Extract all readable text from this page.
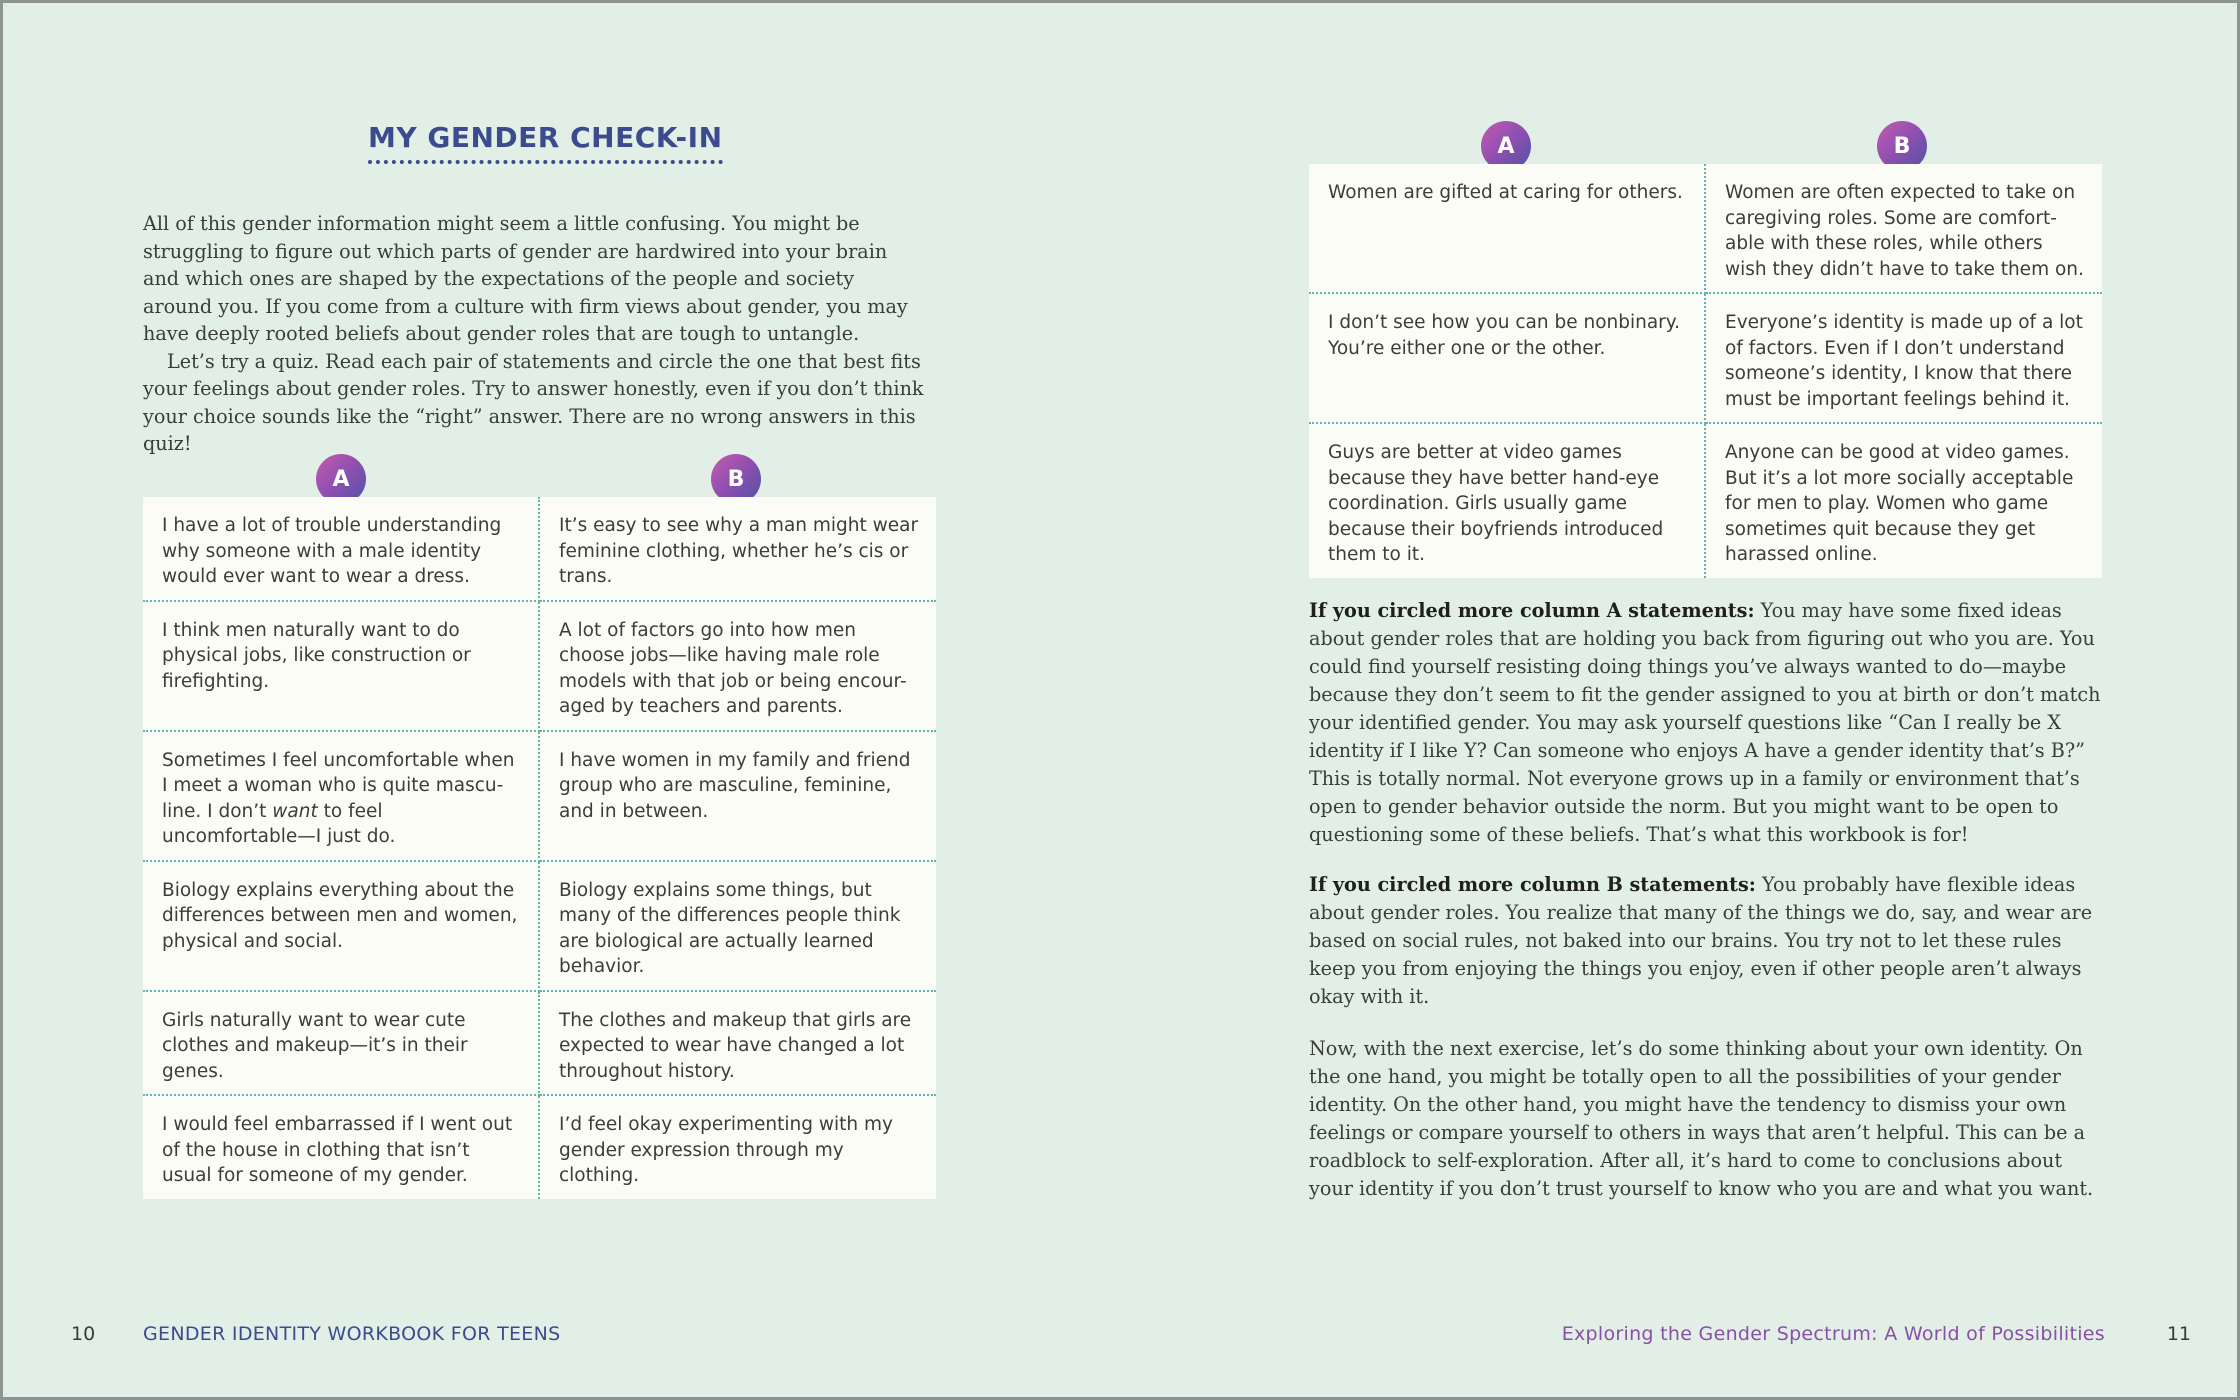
MY GENDER CHECK-IN

All of this gender information might seem a little confusing. You might be struggling to figure out which parts of gender are hardwired into your brain and which ones are shaped by the expectations of the people and society around you. If you come from a culture with firm views about gender, you may have deeply rooted beliefs about gender roles that are tough to untangle.

Let’s try a quiz. Read each pair of statements and circle the one that best fits your feelings about gender roles. Try to answer honestly, even if you don’t think your choice sounds like the “right” answer. There are no wrong answers in this quiz!

A	B
I have a lot of trouble understanding why someone with a male identity would ever want to wear a dress.	It’s easy to see why a man might wear feminine clothing, whether he’s cis or trans.
I think men naturally want to do physical jobs, like construction or firefighting.	A lot of factors go into how men choose jobs—like having male role models with that job or being encour-aged by teachers and parents.
Sometimes I feel uncomfortable when I meet a woman who is quite mascu-line. I don’t want to feel uncomfortable—I just do.	I have women in my family and friend group who are masculine, feminine, and in between.
Biology explains everything about the differences between men and women, physical and social.	Biology explains some things, but many of the differences people think are biological are actually learned behavior.
Girls naturally want to wear cute clothes and makeup—it’s in their genes.	The clothes and makeup that girls are expected to wear have changed a lot throughout history.
I would feel embarrassed if I went out of the house in clothing that isn’t usual for someone of my gender.	I’d feel okay experimenting with my gender expression through my clothing.
10	GENDER IDENTITY WORKBOOK FOR TEENS
A	B
Women are gifted at caring for others.	Women are often expected to take on caregiving roles. Some are comfort-able with these roles, while others wish they didn’t have to take them on.
I don’t see how you can be nonbinary. You’re either one or the other.	Everyone’s identity is made up of a lot of factors. Even if I don’t understand someone’s identity, I know that there must be important feelings behind it.
Guys are better at video games because they have better hand-eye coordination. Girls usually game because their boyfriends introduced them to it.	Anyone can be good at video games. But it’s a lot more socially acceptable for men to play. Women who game sometimes quit because they get harassed online.

If you circled more column A statements: You may have some fixed ideas about gender roles that are holding you back from figuring out who you are. You could find yourself resisting doing things you’ve always wanted to do—maybe because they don’t seem to fit the gender assigned to you at birth or don’t match your identified gender. You may ask yourself questions like “Can I really be X identity if I like Y? Can someone who enjoys A have a gender identity that’s B?” This is totally normal. Not everyone grows up in a family or environment that’s open to gender behavior outside the norm. But you might want to be open to questioning some of these beliefs. That’s what this workbook is for!

If you circled more column B statements: You probably have flexible ideas about gender roles. You realize that many of the things we do, say, and wear are based on social rules, not baked into our brains. You try not to let these rules keep you from enjoying the things you enjoy, even if other people aren’t always okay with it.

Now, with the next exercise, let’s do some thinking about your own identity. On the one hand, you might be totally open to all the possibilities of your gender identity. On the other hand, you might have the tendency to dismiss your own feelings or compare yourself to others in ways that aren’t helpful. This can be a roadblock to self-exploration. After all, it’s hard to come to conclusions about your identity if you don’t trust yourself to know who you are and what you want.

Exploring the Gender Spectrum: A World of Possibilities	11
